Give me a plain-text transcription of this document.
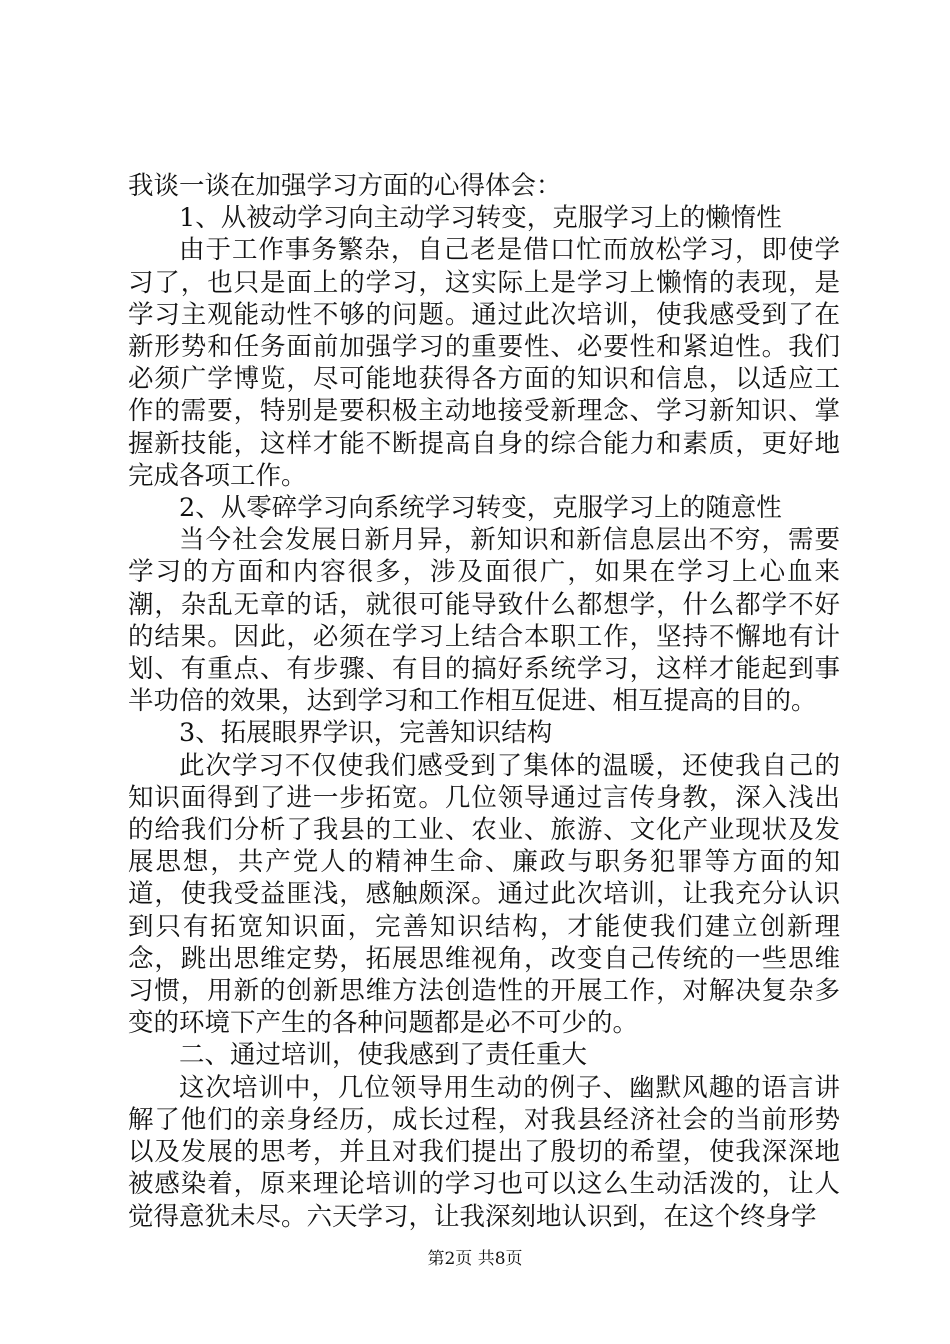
我谈一谈在加强学习方面的心得体会：

1、从被动学习向主动学习转变，克服学习上的懒惰性

由于工作事务繁杂，自己老是借口忙而放松学习，即使学习了，也只是面上的学习，这实际上是学习上懒惰的表现，是学习主观能动性不够的问题。通过此次培训，使我感受到了在新形势和任务面前加强学习的重要性、必要性和紧迫性。我们必须广学博览，尽可能地获得各方面的知识和信息，以适应工作的需要，特别是要积极主动地接受新理念、学习新知识、掌握新技能，这样才能不断提高自身的综合能力和素质，更好地完成各项工作。

2、从零碎学习向系统学习转变，克服学习上的随意性

当今社会发展日新月异，新知识和新信息层出不穷，需要学习的方面和内容很多，涉及面很广，如果在学习上心血来潮，杂乱无章的话，就很可能导致什么都想学，什么都学不好的结果。因此，必须在学习上结合本职工作，坚持不懈地有计划、有重点、有步骤、有目的搞好系统学习，这样才能起到事半功倍的效果，达到学习和工作相互促进、相互提高的目的。

3、拓展眼界学识，完善知识结构

此次学习不仅使我们感受到了集体的温暖，还使我自己的知识面得到了进一步拓宽。几位领导通过言传身教，深入浅出的给我们分析了我县的工业、农业、旅游、文化产业现状及发展思想，共产党人的精神生命、廉政与职务犯罪等方面的知道，使我受益匪浅，感触颇深。通过此次培训，让我充分认识到只有拓宽知识面，完善知识结构，才能使我们建立创新理念，跳出思维定势，拓展思维视角，改变自己传统的一些思维习惯，用新的创新思维方法创造性的开展工作，对解决复杂多变的环境下产生的各种问题都是必不可少的。

二、通过培训，使我感到了责任重大

这次培训中，几位领导用生动的例子、幽默风趣的语言讲解了他们的亲身经历，成长过程，对我县经济社会的当前形势以及发展的思考，并且对我们提出了殷切的希望，使我深深地被感染着，原来理论培训的学习也可以这么生动活泼的，让人觉得意犹未尽。六天学习，让我深刻地认识到，在这个终身学

第2页 共8页
